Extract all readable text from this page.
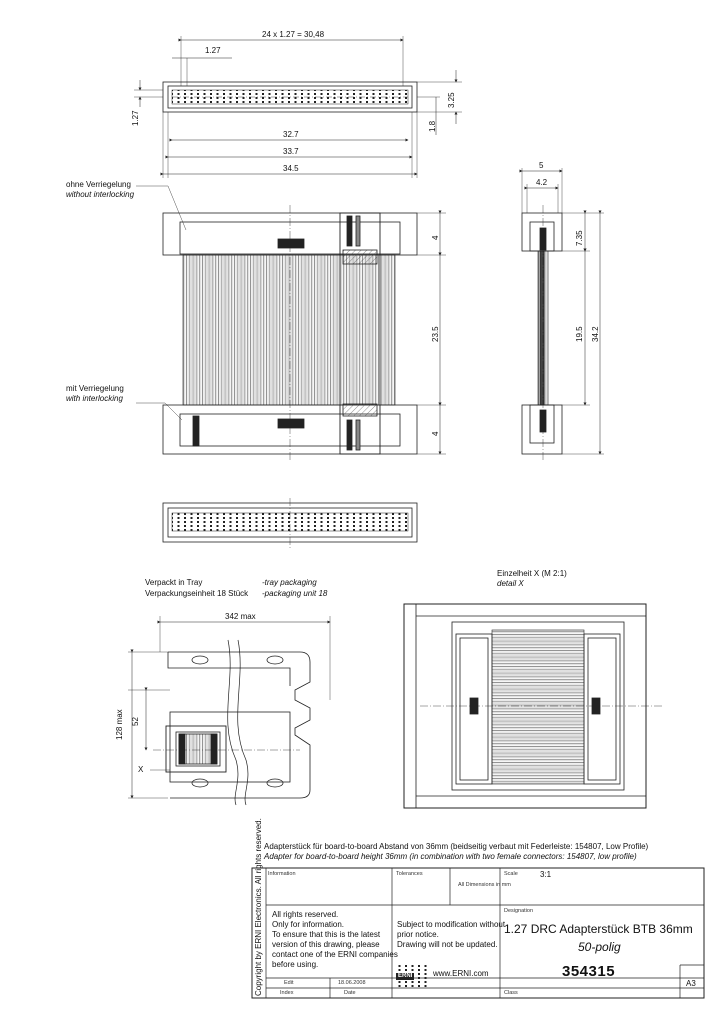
24 x 1.27 = 30,48
1.27
3.25
1.27
1.8
32.7
33.7
34.5
ohne Verriegelung
without interlocking
mit Verriegelung
with interlocking
4
23.5
4
5
4.2
7.35
19.5 34.2
Verpackt in Tray	-tray packaging
Verpackungseinheit 18 Stück -packaging unit 18
342 max
128 max 52
X
Einzelheit X (M 2:1)
detail X
Adapterstück für board-to-board Abstand von 36mm (beidseitig verbaut mit Federleiste: 154807, Low Profile)
Adapter for board-to-board height 36mm (in combination with two female connectors: 154807, low profile)
Copyright by ERNI Electronics. All rights reserved. Information	Tolerances
All Dimensions in mm
Scale	3:1
All rights reserved.
Only for information.
To ensure that this is the latest
version of this drawing, please
contact one of the ERNI companies
before using.
Subject to modification without
prior notice.
Drawing will not be updated.
Designation
1.27 DRC Adapterstück BTB 36mm
50-polig
ERNI	www.ERNI.com	354315
Edit	18.06.2008
Index	Date	Class
A3
